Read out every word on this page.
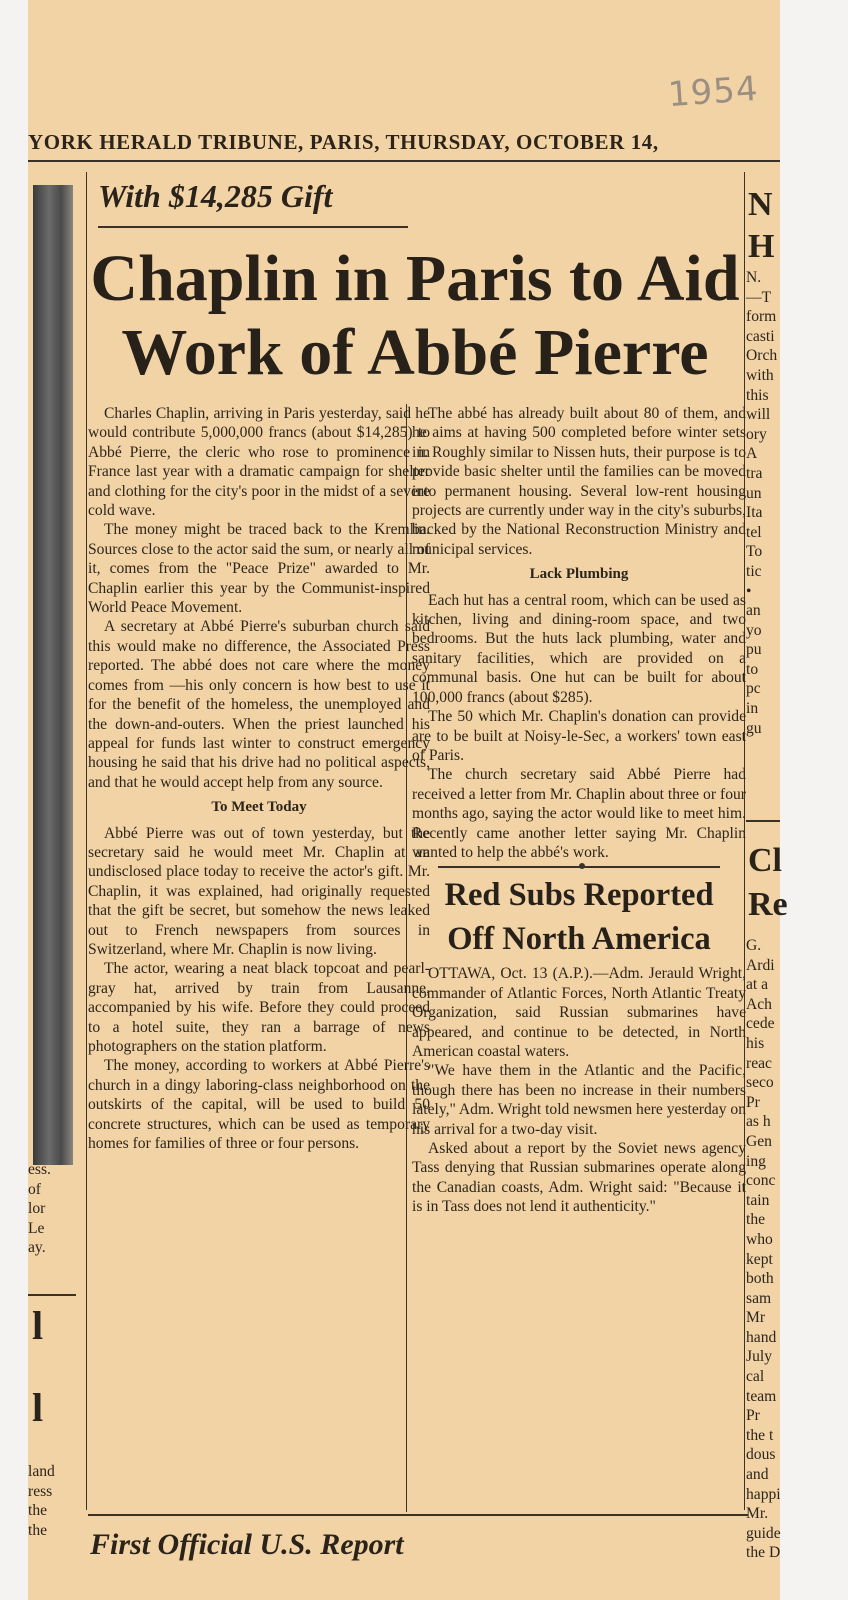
1954
YORK HERALD TRIBUNE, PARIS, THURSDAY, OCTOBER 14,
With $14,285 Gift
Chaplin in Paris to Aid
Work of Abbé Pierre

Charles Chaplin, arriving in Paris yesterday, said he would contribute 5,000,000 francs (about $14,285) to Abbé Pierre, the cleric who rose to prominence in France last year with a dramatic campaign for shelter and clothing for the city's poor in the midst of a severe cold wave.

The money might be traced back to the Kremlin. Sources close to the actor said the sum, or nearly all of it, comes from the "Peace Prize" awarded to Mr. Chaplin earlier this year by the Communist-inspired World Peace Movement.

A secretary at Abbé Pierre's suburban church said this would make no difference, the Associated Press reported. The abbé does not care where the money comes from —his only concern is how best to use it for the benefit of the homeless, the unemployed and the down-and-outers. When the priest launched his appeal for funds last winter to construct emergency housing he said that his drive had no political aspects, and that he would accept help from any source.

To Meet Today

Abbé Pierre was out of town yesterday, but the secretary said he would meet Mr. Chaplin at an undisclosed place today to receive the actor's gift. Mr. Chaplin, it was explained, had originally requested that the gift be secret, but somehow the news leaked out to French newspapers from sources in Switzerland, where Mr. Chaplin is now living.

The actor, wearing a neat black topcoat and pearl-gray hat, arrived by train from Lausanne, accompanied by his wife. Before they could proceed to a hotel suite, they ran a barrage of news photographers on the station platform.

The money, according to workers at Abbé Pierre's church in a dingy laboring-class neighborhood on the outskirts of the capital, will be used to build 50 concrete structures, which can be used as temporary homes for families of three or four persons.

The abbé has already built about 80 of them, and he aims at having 500 completed before winter sets in. Roughly similar to Nissen huts, their purpose is to provide basic shelter until the families can be moved into permanent housing. Several low-rent housing projects are currently under way in the city's suburbs, backed by the National Reconstruction Ministry and municipal services.

Lack Plumbing

Each hut has a central room, which can be used as kitchen, living and dining-room space, and two bedrooms. But the huts lack plumbing, water and sanitary facilities, which are provided on a communal basis. One hut can be built for about 100,000 francs (about $285).

The 50 which Mr. Chaplin's donation can provide are to be built at Noisy-le-Sec, a workers' town east of Paris.

The church secretary said Abbé Pierre had received a letter from Mr. Chaplin about three or four months ago, saying the actor would like to meet him. Recently came another letter saying Mr. Chaplin wanted to help the abbé's work.

Red Subs Reported
Off North America

OTTAWA, Oct. 13 (A.P.).—Adm. Jerauld Wright, commander of Atlantic Forces, North Atlantic Treaty Organization, said Russian submarines have appeared, and continue to be detected, in North American coastal waters.

"We have them in the Atlantic and the Pacific, though there has been no increase in their numbers lately," Adm. Wright told newsmen here yesterday on his arrival for a two-day visit.

Asked about a report by the Soviet news agency Tass denying that Russian submarines operate along the Canadian coasts, Adm. Wright said: "Because it is in Tass does not lend it authenticity."

First Official U.S. Report
N
H
N.
—T
form
casti
Orch
with
this
will
ory
A
tra
un
Ita
tel
To
tic
•
an
yo
pu
to
pc
in
gu
Cl
Re
G.
Ardi
at a
Ach
cede
his
reac
seco
Pr
as h
Gen
ing
conc
tain
the
who
kept
both
sam
Mr
hand
July
cal
team
Pr
the t
dous
and
happi
Mr.
guide
the D
ess.
of
lor
Le
ay.
l
l
land
ress
the
the
